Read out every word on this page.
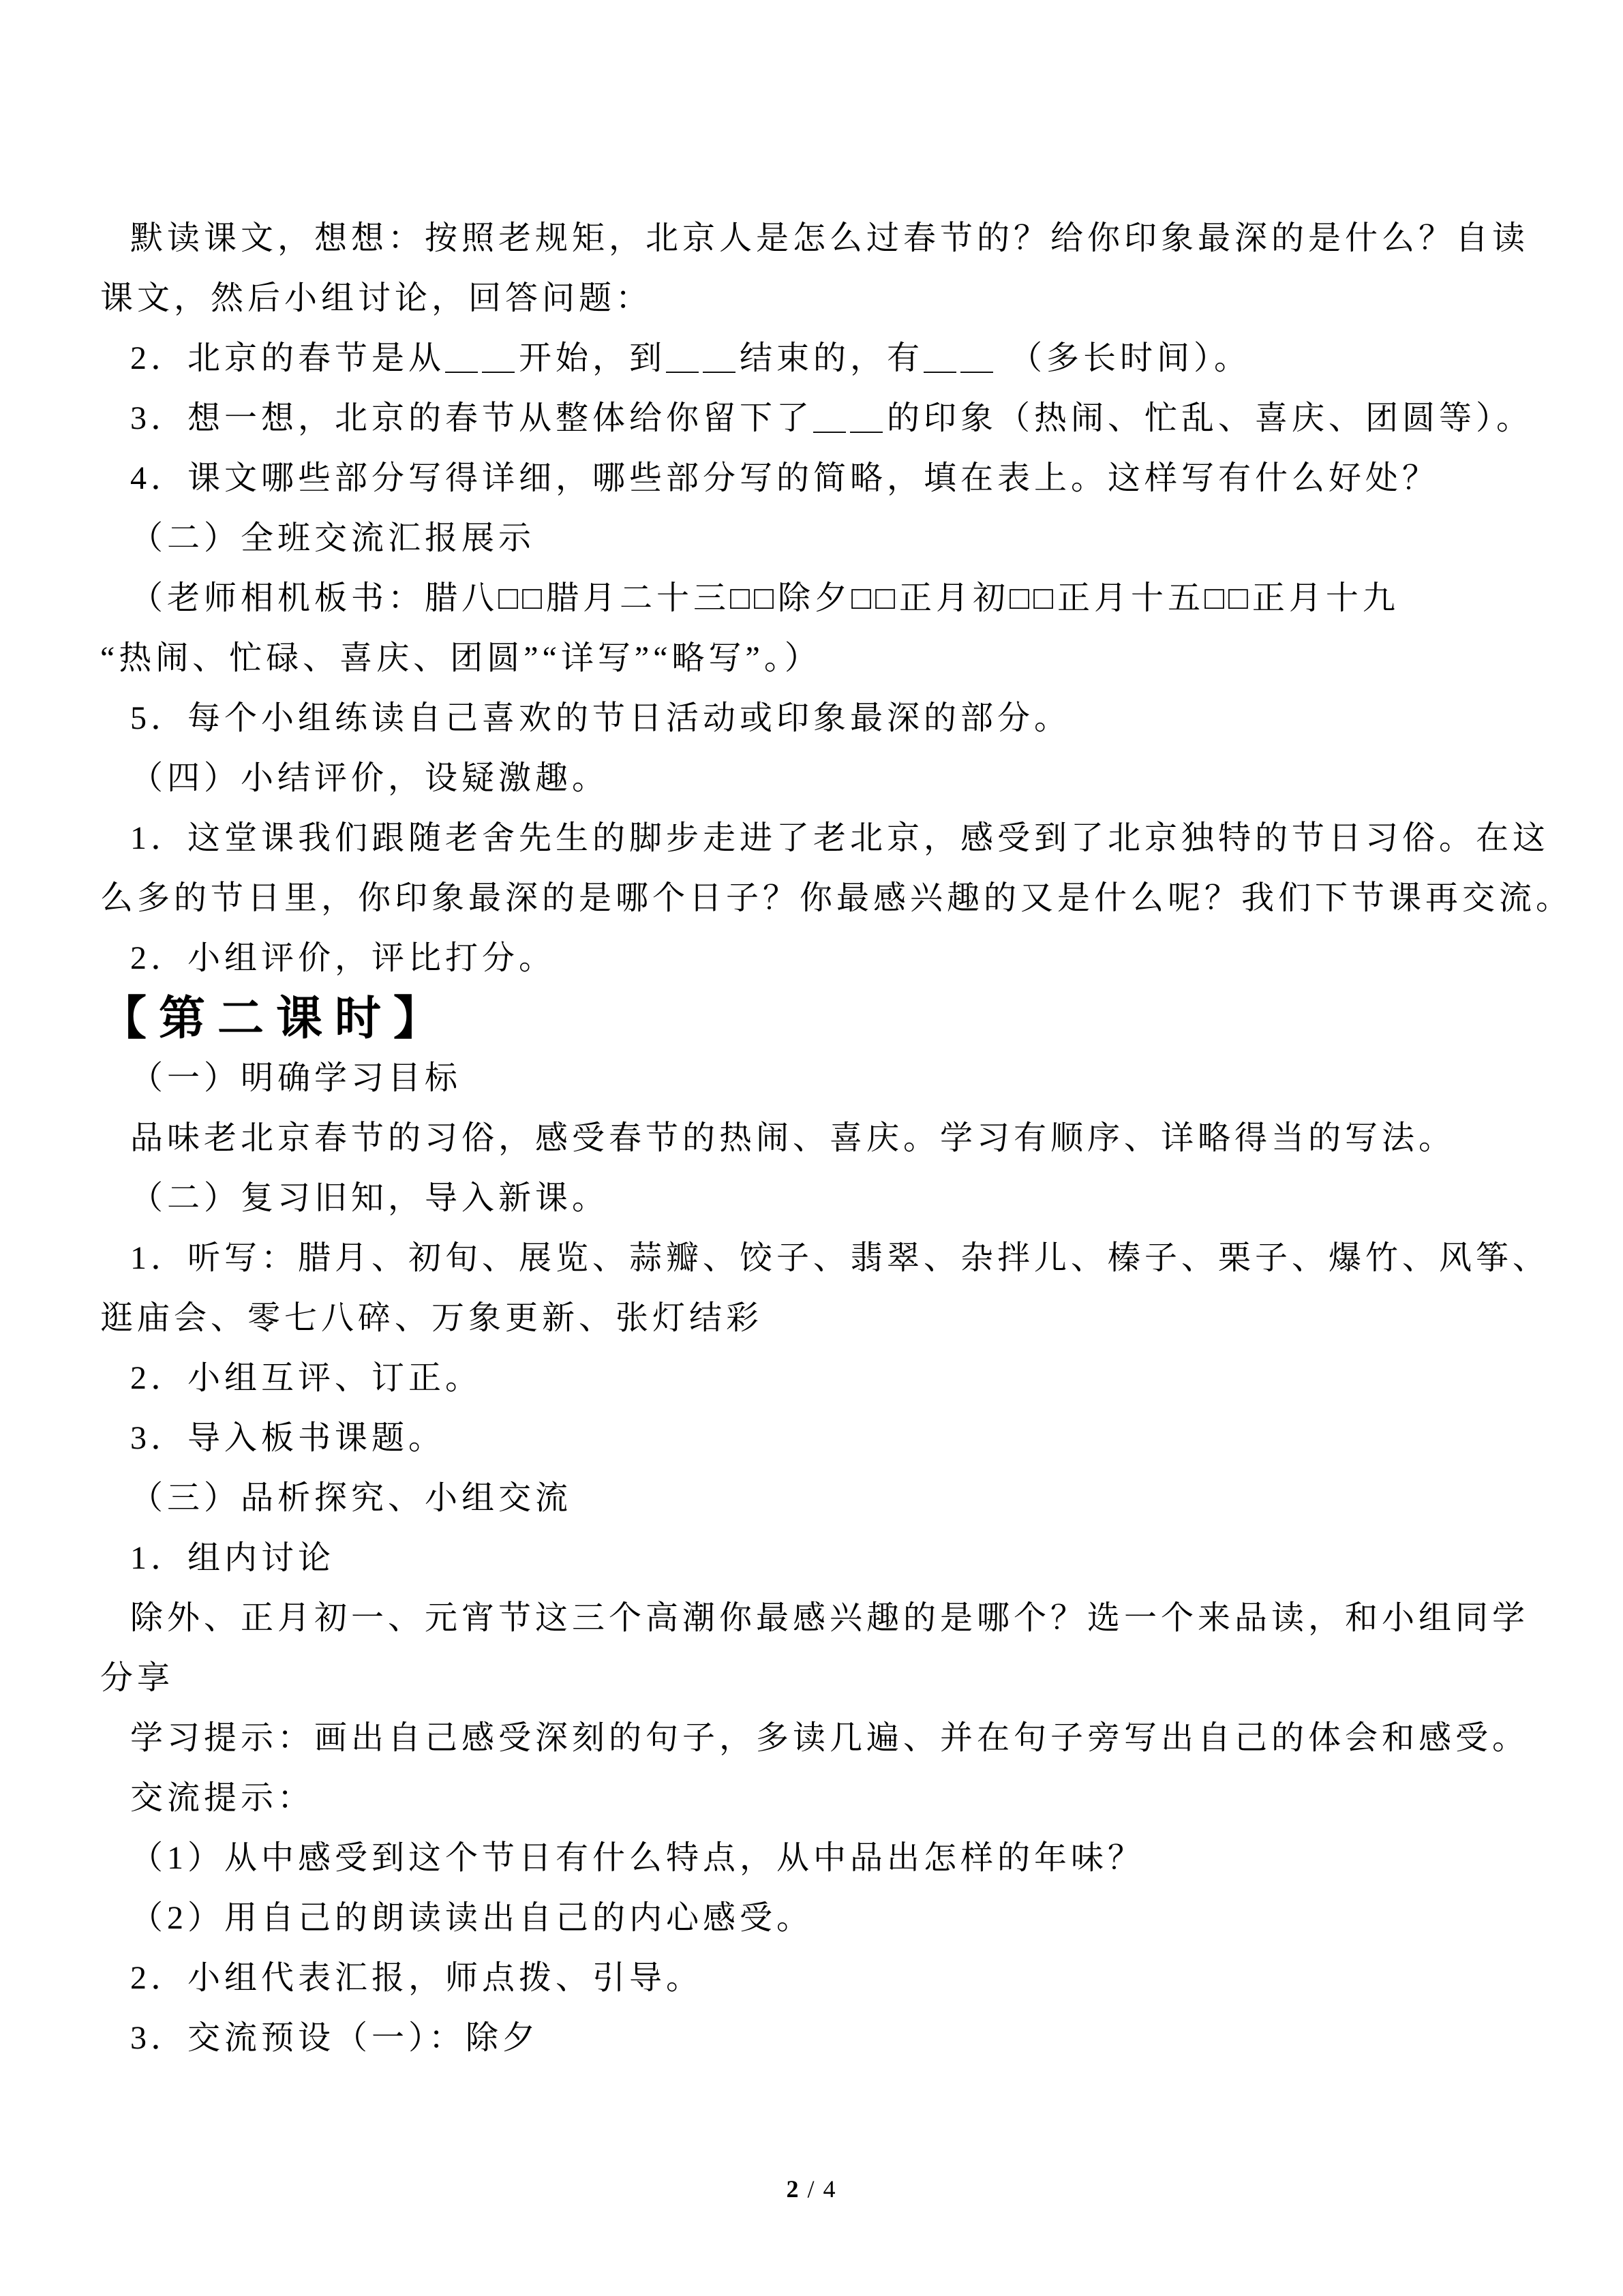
默读课文，想想：按照老规矩，北京人是怎么过春节的？给你印象最深的是什么？自读

课文，然后小组讨论，回答问题：

2．北京的春节是从＿＿开始，到＿＿结束的，有＿＿ （多长时间）。

3．想一想，北京的春节从整体给你留下了＿＿的印象（热闹、忙乱、喜庆、团圆等）。

4．课文哪些部分写得详细，哪些部分写的简略，填在表上。这样写有什么好处？

（二）全班交流汇报展示

（老师相机板书：腊八□□腊月二十三□□除夕□□正月初□□正月十五□□正月十九

“热闹、忙碌、喜庆、团圆”“详写”“略写”。）

5．每个小组练读自己喜欢的节日活动或印象最深的部分。

（四）小结评价，设疑激趣。

1．这堂课我们跟随老舍先生的脚步走进了老北京，感受到了北京独特的节日习俗。在这

么多的节日里，你印象最深的是哪个日子？你最感兴趣的又是什么呢？我们下节课再交流。

2．小组评价，评比打分。

【第二课时】

（一）明确学习目标

品味老北京春节的习俗，感受春节的热闹、喜庆。学习有顺序、详略得当的写法。

（二）复习旧知，导入新课。

1．听写：腊月、初旬、展览、蒜瓣、饺子、翡翠、杂拌儿、榛子、栗子、爆竹、风筝、

逛庙会、零七八碎、万象更新、张灯结彩

2．小组互评、订正。

3．导入板书课题。

（三）品析探究、小组交流

1．组内讨论

除外、正月初一、元宵节这三个高潮你最感兴趣的是哪个？选一个来品读，和小组同学

分享

学习提示：画出自己感受深刻的句子，多读几遍、并在句子旁写出自己的体会和感受。

交流提示：

（1）从中感受到这个节日有什么特点，从中品出怎样的年味？

（2）用自己的朗读读出自己的内心感受。

2．小组代表汇报，师点拨、引导。

3．交流预设（一）：除夕

2 / 4
